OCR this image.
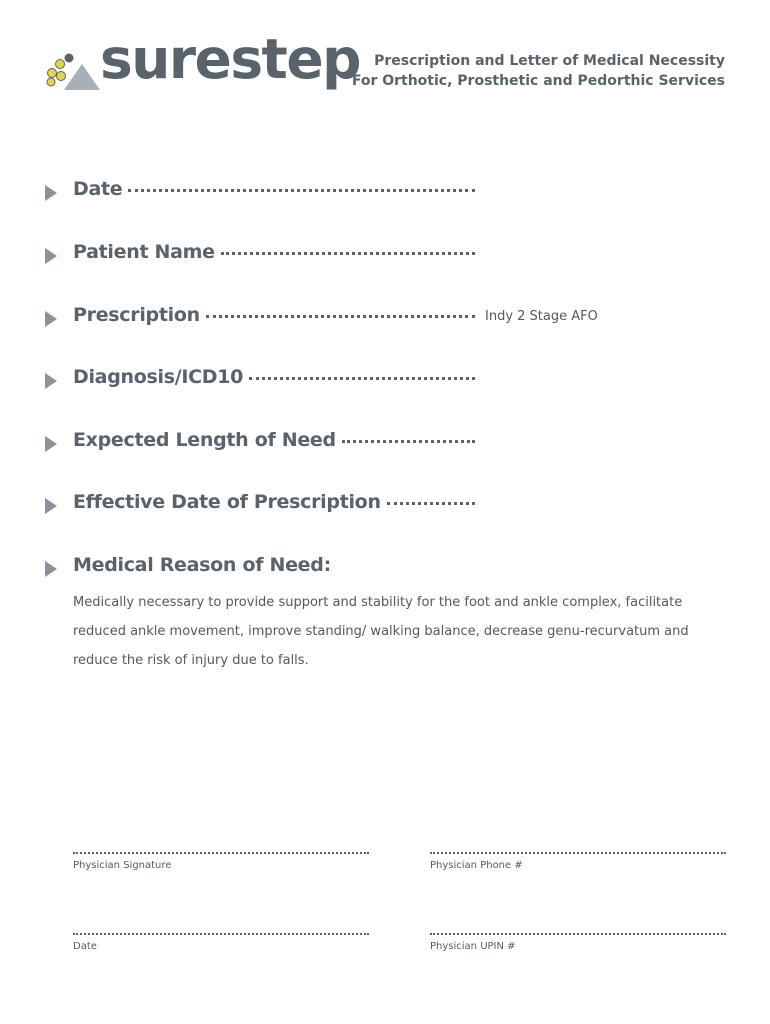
surestep	Prescription and Letter of Medical Necessity
For Orthotic, Prosthetic and Pedorthic Services
Date
Patient Name
Prescription	Indy 2 Stage AFO
Diagnosis/ICD10
Expected Length of Need
Effective Date of Prescription
Medical Reason of Need:
Medically necessary to provide support and stability for the foot and ankle complex, facilitate reduced ankle movement, improve standing/ walking balance, decrease genu-recurvatum and reduce the risk of injury due to falls.
Physician Signature	Physician Phone #
Date	Physician UPIN #
